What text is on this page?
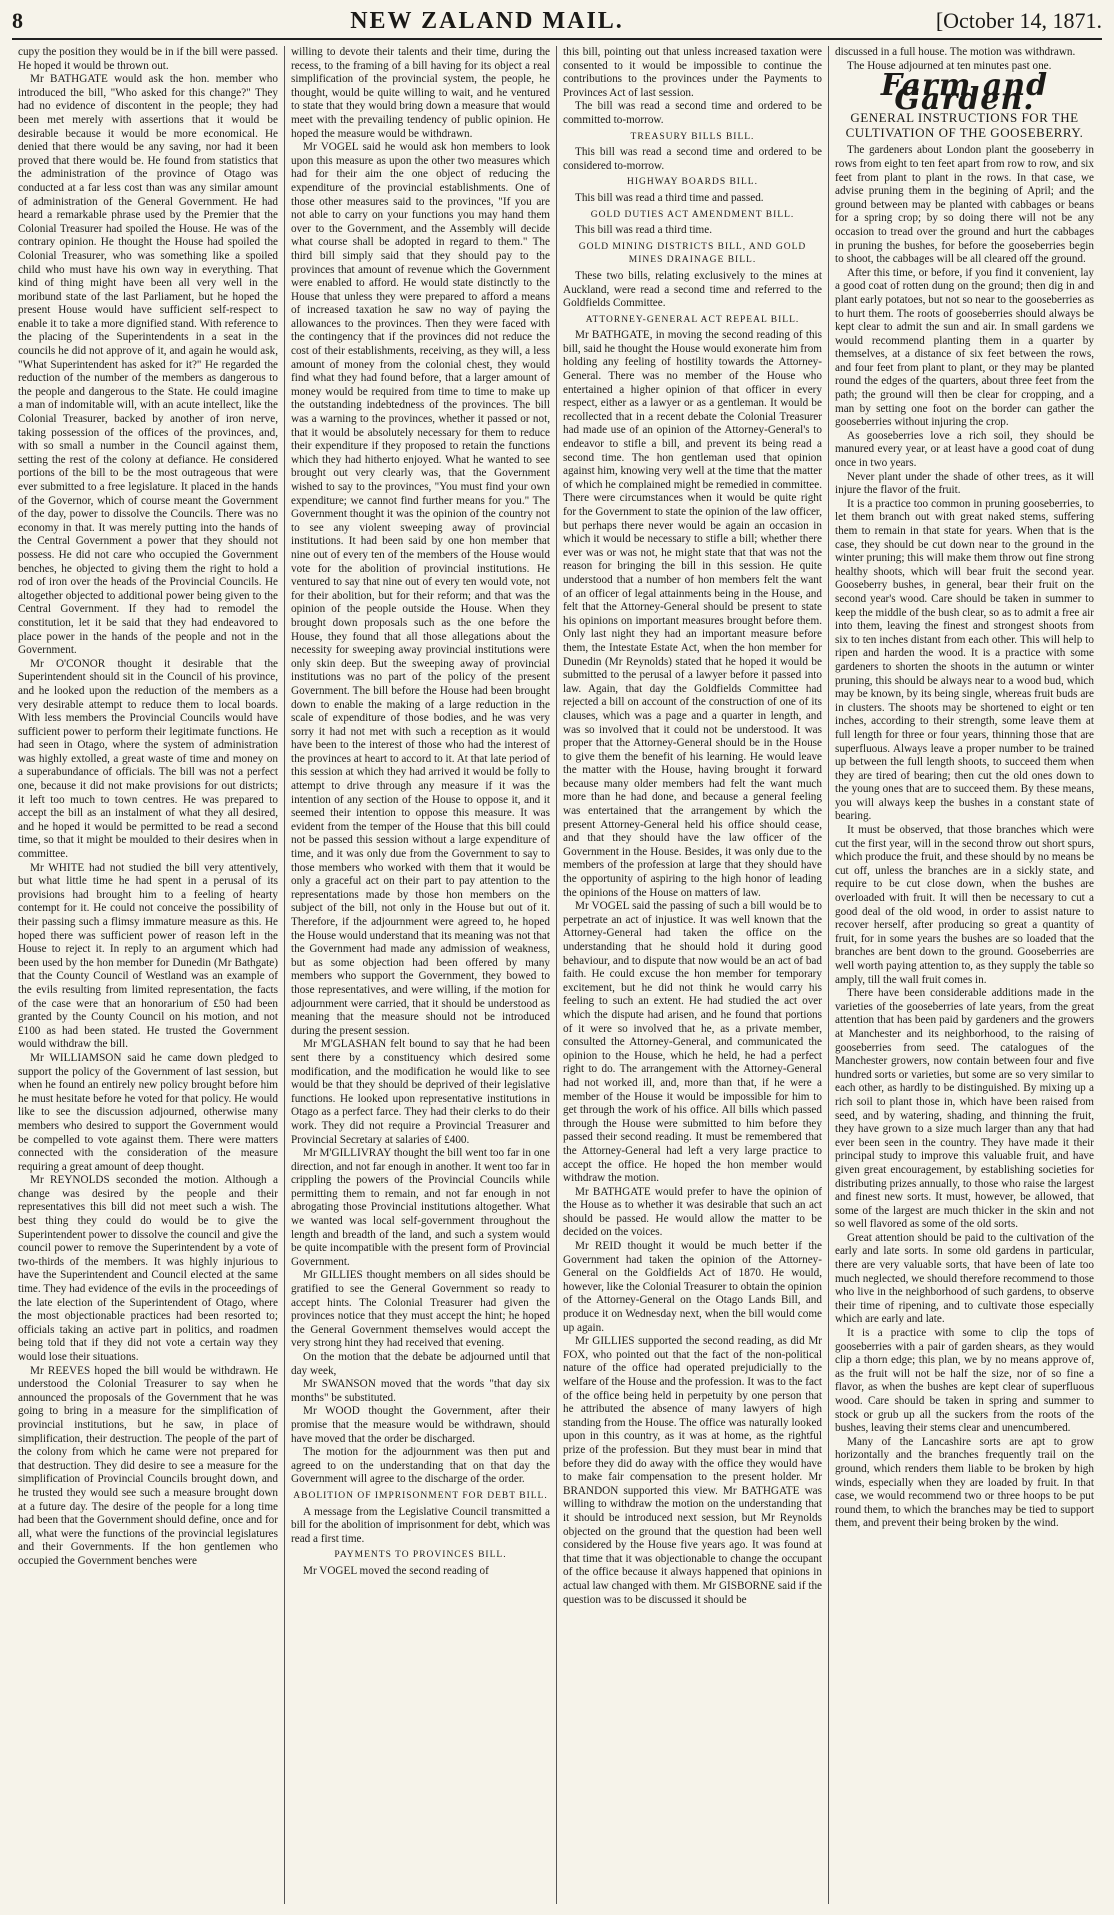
8	NEW ZALAND MAIL.	[October 14, 1871.

cupy the position they would be in if the bill were passed. He hoped it would be thrown out.

Mr BATHGATE would ask the hon. member who introduced the bill, "Who asked for this change?" They had no evidence of discontent in the people; they had been met merely with assertions that it would be desirable because it would be more economical. He denied that there would be any saving, nor had it been proved that there would be. He found from statistics that the administration of the province of Otago was conducted at a far less cost than was any similar amount of administration of the General Government. He had heard a remarkable phrase used by the Premier that the Colonial Treasurer had spoiled the House. He was of the contrary opinion. He thought the House had spoiled the Colonial Treasurer, who was something like a spoiled child who must have his own way in everything. That kind of thing might have been all very well in the moribund state of the last Parliament, but he hoped the present House would have sufficient self-respect to enable it to take a more dignified stand. With reference to the placing of the Superintendents in a seat in the councils he did not approve of it, and again he would ask, "What Superintendent has asked for it?" He regarded the reduction of the number of the members as dangerous to the people and dangerous to the State. He could imagine a man of indomitable will, with an acute intellect, like the Colonial Treasurer, backed by another of iron nerve, taking possession of the offices of the provinces, and, with so small a number in the Council against them, setting the rest of the colony at defiance. He considered portions of the bill to be the most outrageous that were ever submitted to a free legislature. It placed in the hands of the Governor, which of course meant the Government of the day, power to dissolve the Councils. There was no economy in that. It was merely putting into the hands of the Central Government a power that they should not possess. He did not care who occupied the Government benches, he objected to giving them the right to hold a rod of iron over the heads of the Provincial Councils. He altogether objected to additional power being given to the Central Government. If they had to remodel the constitution, let it be said that they had endeavored to place power in the hands of the people and not in the Government.

Mr O'CONOR thought it desirable that the Superintendent should sit in the Council of his province, and he looked upon the reduction of the members as a very desirable attempt to reduce them to local boards. With less members the Provincial Councils would have sufficient power to perform their legitimate functions. He had seen in Otago, where the system of administration was highly extolled, a great waste of time and money on a superabundance of officials. The bill was not a perfect one, because it did not make provisions for out districts; it left too much to town centres. He was prepared to accept the bill as an instalment of what they all desired, and he hoped it would be permitted to be read a second time, so that it might be moulded to their desires when in committee.

Mr WHITE had not studied the bill very attentively, but what little time he had spent in a perusal of its provisions had brought him to a feeling of hearty contempt for it. He could not conceive the possibility of their passing such a flimsy immature measure as this. He hoped there was sufficient power of reason left in the House to reject it. In reply to an argument which had been used by the hon member for Dunedin (Mr Bathgate) that the County Council of Westland was an example of the evils resulting from limited representation, the facts of the case were that an honorarium of £50 had been granted by the County Council on his motion, and not £100 as had been stated. He trusted the Government would withdraw the bill.

Mr WILLIAMSON said he came down pledged to support the policy of the Government of last session, but when he found an entirely new policy brought before him he must hesitate before he voted for that policy. He would like to see the discussion adjourned, otherwise many members who desired to support the Government would be compelled to vote against them. There were matters connected with the consideration of the measure requiring a great amount of deep thought.

Mr REYNOLDS seconded the motion. Although a change was desired by the people and their representatives this bill did not meet such a wish. The best thing they could do would be to give the Superintendent power to dissolve the council and give the council power to remove the Superintendent by a vote of two-thirds of the members. It was highly injurious to have the Superintendent and Council elected at the same time. They had evidence of the evils in the proceedings of the late election of the Superintendent of Otago, where the most objectionable practices had been resorted to; officials taking an active part in politics, and roadmen being told that if they did not vote a certain way they would lose their situations.

Mr REEVES hoped the bill would be withdrawn. He understood the Colonial Treasurer to say when he announced the proposals of the Government that he was going to bring in a measure for the simplification of provincial institutions, but he saw, in place of simplification, their destruction. The people of the part of the colony from which he came were not prepared for that destruction. They did desire to see a measure for the simplification of Provincial Councils brought down, and he trusted they would see such a measure brought down at a future day. The desire of the people for a long time had been that the Government should define, once and for all, what were the functions of the provincial legislatures and their Governments. If the hon gentlemen who occupied the Government benches were

willing to devote their talents and their time, during the recess, to the framing of a bill having for its object a real simplification of the provincial system, the people, he thought, would be quite willing to wait, and he ventured to state that they would bring down a measure that would meet with the prevailing tendency of public opinion. He hoped the measure would be withdrawn.

Mr VOGEL said he would ask hon members to look upon this measure as upon the other two measures which had for their aim the one object of reducing the expenditure of the provincial establishments. One of those other measures said to the provinces, "If you are not able to carry on your functions you may hand them over to the Government, and the Assembly will decide what course shall be adopted in regard to them." The third bill simply said that they should pay to the provinces that amount of revenue which the Government were enabled to afford. He would state distinctly to the House that unless they were prepared to afford a means of increased taxation he saw no way of paying the allowances to the provinces. Then they were faced with the contingency that if the provinces did not reduce the cost of their establishments, receiving, as they will, a less amount of money from the colonial chest, they would find what they had found before, that a larger amount of money would be required from time to time to make up the outstanding indebtedness of the provinces. The bill was a warning to the provinces, whether it passed or not, that it would be absolutely necessary for them to reduce their expenditure if they proposed to retain the functions which they had hitherto enjoyed. What he wanted to see brought out very clearly was, that the Government wished to say to the provinces, "You must find your own expenditure; we cannot find further means for you." The Government thought it was the opinion of the country not to see any violent sweeping away of provincial institutions. It had been said by one hon member that nine out of every ten of the members of the House would vote for the abolition of provincial institutions. He ventured to say that nine out of every ten would vote, not for their abolition, but for their reform; and that was the opinion of the people outside the House. When they brought down proposals such as the one before the House, they found that all those allegations about the necessity for sweeping away provincial institutions were only skin deep. But the sweeping away of provincial institutions was no part of the policy of the present Government. The bill before the House had been brought down to enable the making of a large reduction in the scale of expenditure of those bodies, and he was very sorry it had not met with such a reception as it would have been to the interest of those who had the interest of the provinces at heart to accord to it. At that late period of this session at which they had arrived it would be folly to attempt to drive through any measure if it was the intention of any section of the House to oppose it, and it seemed their intention to oppose this measure. It was evident from the temper of the House that this bill could not be passed this session without a large expenditure of time, and it was only due from the Government to say to those members who worked with them that it would be only a graceful act on their part to pay attention to the representations made by those hon members on the subject of the bill, not only in the House but out of it. Therefore, if the adjournment were agreed to, he hoped the House would understand that its meaning was not that the Government had made any admission of weakness, but as some objection had been offered by many members who support the Government, they bowed to those representatives, and were willing, if the motion for adjournment were carried, that it should be understood as meaning that the measure should not be introduced during the present session.

Mr M'GLASHAN felt bound to say that he had been sent there by a constituency which desired some modification, and the modification he would like to see would be that they should be deprived of their legislative functions. He looked upon representative institutions in Otago as a perfect farce. They had their clerks to do their work. They did not require a Provincial Treasurer and Provincial Secretary at salaries of £400.

Mr M'GILLIVRAY thought the bill went too far in one direction, and not far enough in another. It went too far in crippling the powers of the Provincial Councils while permitting them to remain, and not far enough in not abrogating those Provincial institutions altogether. What we wanted was local self-government throughout the length and breadth of the land, and such a system would be quite incompatible with the present form of Provincial Government.

Mr GILLIES thought members on all sides should be gratified to see the General Government so ready to accept hints. The Colonial Treasurer had given the provinces notice that they must accept the hint; he hoped the General Government themselves would accept the very strong hint they had received that evening.

On the motion that the debate be adjourned until that day week,

Mr SWANSON moved that the words "that day six months" be substituted.

Mr WOOD thought the Government, after their promise that the measure would be withdrawn, should have moved that the order be discharged.

The motion for the adjournment was then put and agreed to on the understanding that on that day the Government will agree to the discharge of the order.

ABOLITION OF IMPRISONMENT FOR DEBT BILL.

A message from the Legislative Council transmitted a bill for the abolition of imprisonment for debt, which was read a first time.

PAYMENTS TO PROVINCES BILL.

Mr VOGEL moved the second reading of

this bill, pointing out that unless increased taxation were consented to it would be impossible to continue the contributions to the provinces under the Payments to Provinces Act of last session.

The bill was read a second time and ordered to be committed to-morrow.

TREASURY BILLS BILL.

This bill was read a second time and ordered to be considered to-morrow.

HIGHWAY BOARDS BILL.

This bill was read a third time and passed.

GOLD DUTIES ACT AMENDMENT BILL.

This bill was read a third time.

GOLD MINING DISTRICTS BILL, AND GOLD MINES DRAINAGE BILL.

These two bills, relating exclusively to the mines at Auckland, were read a second time and referred to the Goldfields Committee.

ATTORNEY-GENERAL ACT REPEAL BILL.

Mr BATHGATE, in moving the second reading of this bill, said he thought the House would exonerate him from holding any feeling of hostility towards the Attorney-General. There was no member of the House who entertained a higher opinion of that officer in every respect, either as a lawyer or as a gentleman. It would be recollected that in a recent debate the Colonial Treasurer had made use of an opinion of the Attorney-General's to endeavor to stifle a bill, and prevent its being read a second time. The hon gentleman used that opinion against him, knowing very well at the time that the matter of which he complained might be remedied in committee. There were circumstances when it would be quite right for the Government to state the opinion of the law officer, but perhaps there never would be again an occasion in which it would be necessary to stifle a bill; whether there ever was or was not, he might state that that was not the reason for bringing the bill in this session. He quite understood that a number of hon members felt the want of an officer of legal attainments being in the House, and felt that the Attorney-General should be present to state his opinions on important measures brought before them. Only last night they had an important measure before them, the Intestate Estate Act, when the hon member for Dunedin (Mr Reynolds) stated that he hoped it would be submitted to the perusal of a lawyer before it passed into law. Again, that day the Goldfields Committee had rejected a bill on account of the construction of one of its clauses, which was a page and a quarter in length, and was so involved that it could not be understood. It was proper that the Attorney-General should be in the House to give them the benefit of his learning. He would leave the matter with the House, having brought it forward because many older members had felt the want much more than he had done, and because a general feeling was entertained that the arrangement by which the present Attorney-General held his office should cease, and that they should have the law officer of the Government in the House. Besides, it was only due to the members of the profession at large that they should have the opportunity of aspiring to the high honor of leading the opinions of the House on matters of law.

Mr VOGEL said the passing of such a bill would be to perpetrate an act of injustice. It was well known that the Attorney-General had taken the office on the understanding that he should hold it during good behaviour, and to dispute that now would be an act of bad faith. He could excuse the hon member for temporary excitement, but he did not think he would carry his feeling to such an extent. He had studied the act over which the dispute had arisen, and he found that portions of it were so involved that he, as a private member, consulted the Attorney-General, and communicated the opinion to the House, which he held, he had a perfect right to do. The arrangement with the Attorney-General had not worked ill, and, more than that, if he were a member of the House it would be impossible for him to get through the work of his office. All bills which passed through the House were submitted to him before they passed their second reading. It must be remembered that the Attorney-General had left a very large practice to accept the office. He hoped the hon member would withdraw the motion.

Mr BATHGATE would prefer to have the opinion of the House as to whether it was desirable that such an act should be passed. He would allow the matter to be decided on the voices.

Mr REID thought it would be much better if the Government had taken the opinion of the Attorney-General on the Goldfields Act of 1870. He would, however, like the Colonial Treasurer to obtain the opinion of the Attorney-General on the Otago Lands Bill, and produce it on Wednesday next, when the bill would come up again.

Mr GILLIES supported the second reading, as did Mr FOX, who pointed out that the fact of the non-political nature of the office had operated prejudicially to the welfare of the House and the profession. It was to the fact of the office being held in perpetuity by one person that he attributed the absence of many lawyers of high standing from the House. The office was naturally looked upon in this country, as it was at home, as the rightful prize of the profession. But they must bear in mind that before they did do away with the office they would have to make fair compensation to the present holder. Mr BRANDON supported this view. Mr BATHGATE was willing to withdraw the motion on the understanding that it should be introduced next session, but Mr Reynolds objected on the ground that the question had been well considered by the House five years ago. It was found at that time that it was objectionable to change the occupant of the office because it always happened that opinions in actual law changed with them. Mr GISBORNE said if the question was to be discussed it should be

discussed in a full house. The motion was withdrawn.

The House adjourned at ten minutes past one.

Farm and Garden.
GENERAL INSTRUCTIONS FOR THE CULTIVATION OF THE GOOSEBERRY.

The gardeners about London plant the gooseberry in rows from eight to ten feet apart from row to row, and six feet from plant to plant in the rows. In that case, we advise pruning them in the begining of April; and the ground between may be planted with cabbages or beans for a spring crop; by so doing there will not be any occasion to tread over the ground and hurt the cabbages in pruning the bushes, for before the gooseberries begin to shoot, the cabbages will be all cleared off the ground.

After this time, or before, if you find it convenient, lay a good coat of rotten dung on the ground; then dig in and plant early potatoes, but not so near to the gooseberries as to hurt them. The roots of gooseberries should always be kept clear to admit the sun and air. In small gardens we would recommend planting them in a quarter by themselves, at a distance of six feet between the rows, and four feet from plant to plant, or they may be planted round the edges of the quarters, about three feet from the path; the ground will then be clear for cropping, and a man by setting one foot on the border can gather the gooseberries without injuring the crop.

As gooseberries love a rich soil, they should be manured every year, or at least have a good coat of dung once in two years.

Never plant under the shade of other trees, as it will injure the flavor of the fruit.

It is a practice too common in pruning gooseberries, to let them branch out with great naked stems, suffering them to remain in that state for years. When that is the case, they should be cut down near to the ground in the winter pruning; this will make them throw out fine strong healthy shoots, which will bear fruit the second year. Gooseberry bushes, in general, bear their fruit on the second year's wood. Care should be taken in summer to keep the middle of the bush clear, so as to admit a free air into them, leaving the finest and strongest shoots from six to ten inches distant from each other. This will help to ripen and harden the wood. It is a practice with some gardeners to shorten the shoots in the autumn or winter pruning, this should be always near to a wood bud, which may be known, by its being single, whereas fruit buds are in clusters. The shoots may be shortened to eight or ten inches, according to their strength, some leave them at full length for three or four years, thinning those that are superfluous. Always leave a proper number to be trained up between the full length shoots, to succeed them when they are tired of bearing; then cut the old ones down to the young ones that are to succeed them. By these means, you will always keep the bushes in a constant state of bearing.

It must be observed, that those branches which were cut the first year, will in the second throw out short spurs, which produce the fruit, and these should by no means be cut off, unless the branches are in a sickly state, and require to be cut close down, when the bushes are overloaded with fruit. It will then be necessary to cut a good deal of the old wood, in order to assist nature to recover herself, after producing so great a quantity of fruit, for in some years the bushes are so loaded that the branches are bent down to the ground. Gooseberries are well worth paying attention to, as they supply the table so amply, till the wall fruit comes in.

There have been considerable additions made in the varieties of the gooseberries of late years, from the great attention that has been paid by gardeners and the growers at Manchester and its neighborhood, to the raising of gooseberries from seed. The catalogues of the Manchester growers, now contain between four and five hundred sorts or varieties, but some are so very similar to each other, as hardly to be distinguished. By mixing up a rich soil to plant those in, which have been raised from seed, and by watering, shading, and thinning the fruit, they have grown to a size much larger than any that had ever been seen in the country. They have made it their principal study to improve this valuable fruit, and have given great encouragement, by establishing societies for distributing prizes annually, to those who raise the largest and finest new sorts. It must, however, be allowed, that some of the largest are much thicker in the skin and not so well flavored as some of the old sorts.

Great attention should be paid to the cultivation of the early and late sorts. In some old gardens in particular, there are very valuable sorts, that have been of late too much neglected, we should therefore recommend to those who live in the neighborhood of such gardens, to observe their time of ripening, and to cultivate those especially which are early and late.

It is a practice with some to clip the tops of gooseberries with a pair of garden shears, as they would clip a thorn edge; this plan, we by no means approve of, as the fruit will not be half the size, nor of so fine a flavor, as when the bushes are kept clear of superfluous wood. Care should be taken in spring and summer to stock or grub up all the suckers from the roots of the bushes, leaving their stems clear and unencumbered.

Many of the Lancashire sorts are apt to grow horizontally and the branches frequently trail on the ground, which renders them liable to be broken by high winds, especially when they are loaded by fruit. In that case, we would recommend two or three hoops to be put round them, to which the branches may be tied to support them, and prevent their being broken by the wind.
